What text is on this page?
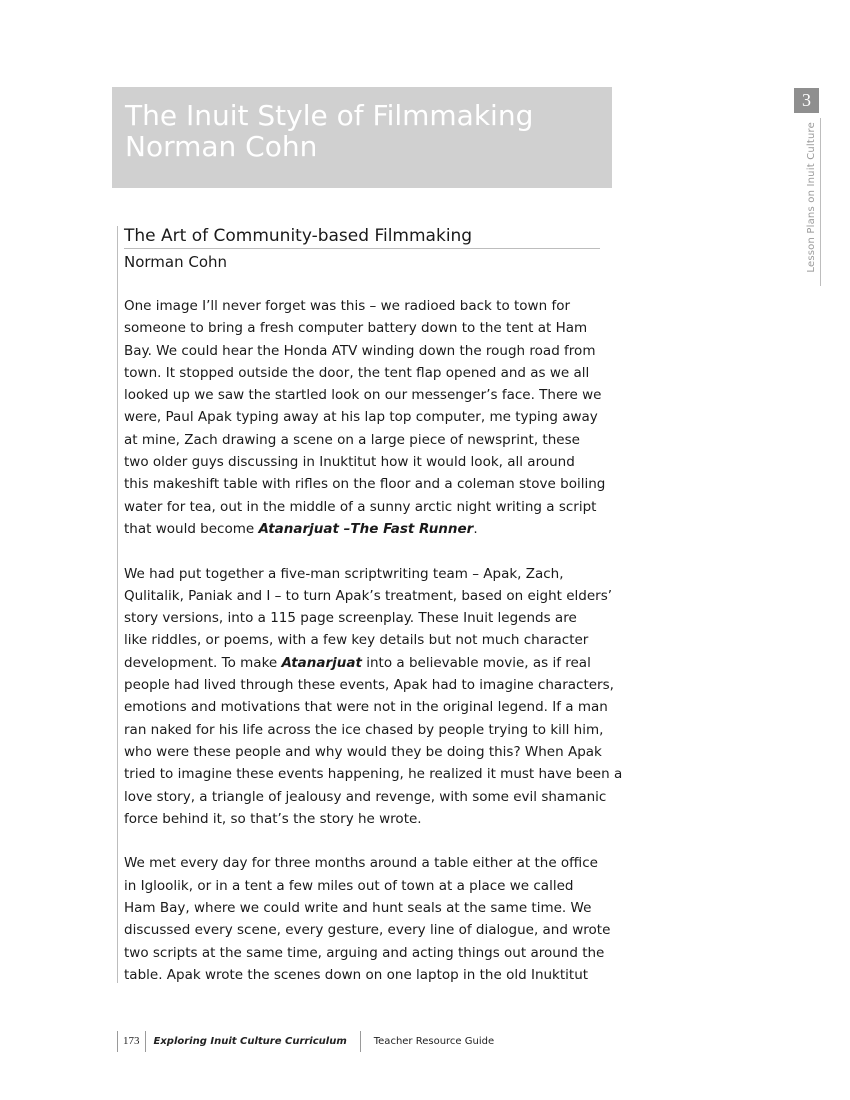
The Inuit Style of Filmmaking
Norman Cohn
3
Lesson Plans on Inuit Culture
The Art of Community-based Filmmaking
Norman Cohn

One image I’ll never forget was this – we radioed back to town for
someone to bring a fresh computer battery down to the tent at Ham
Bay. We could hear the Honda ATV winding down the rough road from
town. It stopped outside the door, the tent flap opened and as we all
looked up we saw the startled look on our messenger’s face. There we
were, Paul Apak typing away at his lap top computer, me typing away
at mine, Zach drawing a scene on a large piece of newsprint, these
two older guys discussing in Inuktitut how it would look, all around
this makeshift table with rifles on the floor and a coleman stove boiling
water for tea, out in the middle of a sunny arctic night writing a script
that would become Atanarjuat –The Fast Runner.

We had put together a five-man scriptwriting team – Apak, Zach,
Qulitalik, Paniak and I – to turn Apak’s treatment, based on eight elders’
story versions, into a 115 page screenplay. These Inuit legends are
like riddles, or poems, with a few key details but not much character
development. To make Atanarjuat into a believable movie, as if real
people had lived through these events, Apak had to imagine characters,
emotions and motivations that were not in the original legend. If a man
ran naked for his life across the ice chased by people trying to kill him,
who were these people and why would they be doing this? When Apak
tried to imagine these events happening, he realized it must have been a
love story, a triangle of jealousy and revenge, with some evil shamanic
force behind it, so that’s the story he wrote.

We met every day for three months around a table either at the office
in Igloolik, or in a tent a few miles out of town at a place we called
Ham Bay, where we could write and hunt seals at the same time. We
discussed every scene, every gesture, every line of dialogue, and wrote
two scripts at the same time, arguing and acting things out around the
table. Apak wrote the scenes down on one laptop in the old Inuktitut

173 Exploring Inuit Culture Curriculum	Teacher Resource Guide
